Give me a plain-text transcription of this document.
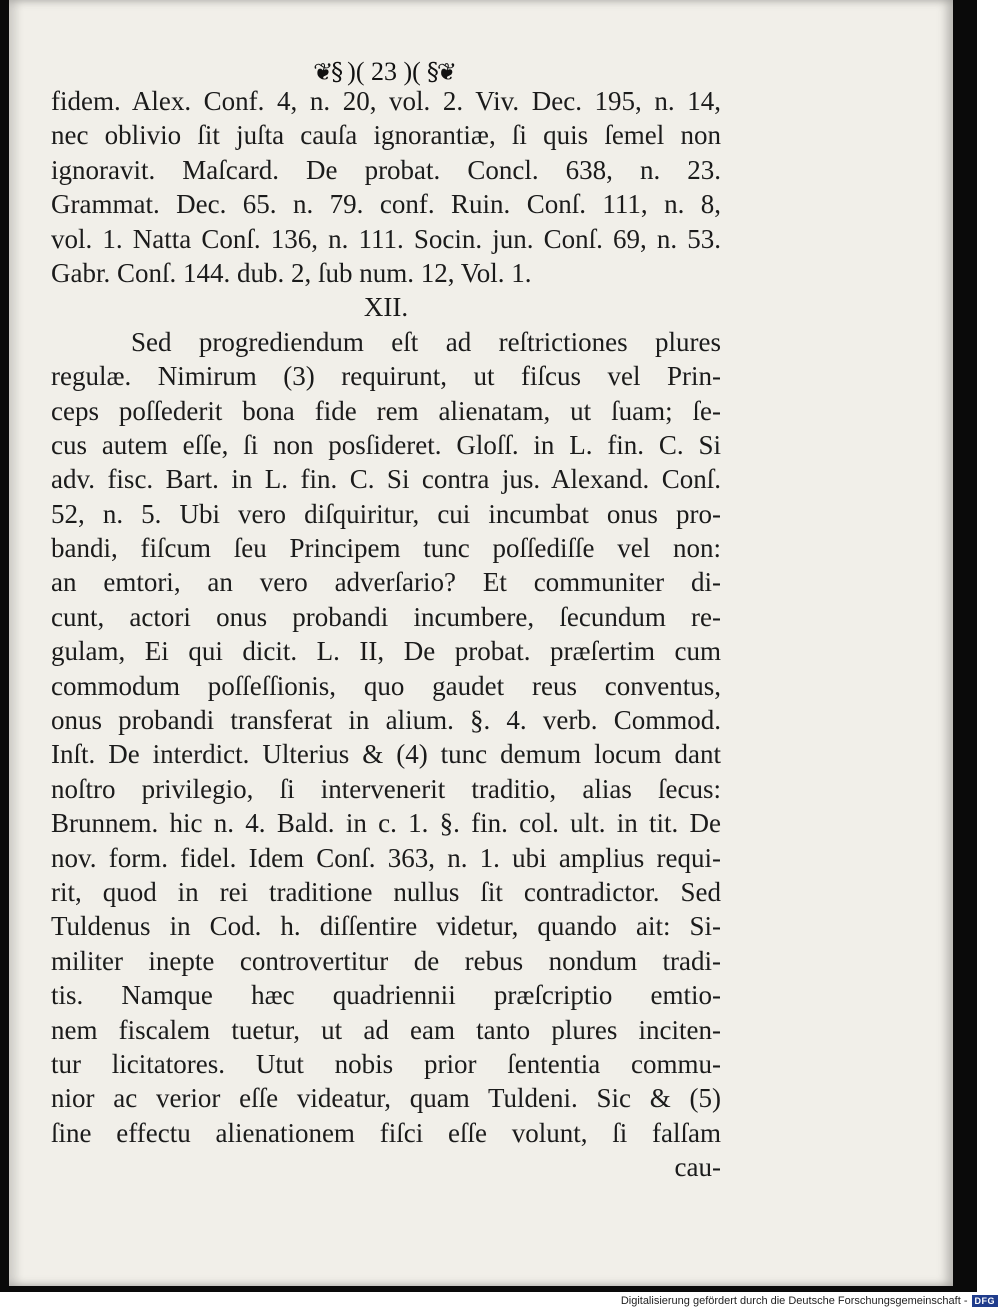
❦§ )( 23 )( §❦
fidem. Alex. Conf. 4, n. 20, vol. 2. Viv. Dec. 195, n. 14,
nec oblivio ſit juſta cauſa ignorantiæ, ſi quis ſemel non
ignoravit. Maſcard. De probat. Concl. 638, n. 23.
Grammat. Dec. 65. n. 79. conf. Ruin. Conſ. 111, n. 8,
vol. 1. Natta Conſ. 136, n. 111. Socin. jun. Conſ. 69, n. 53.
Gabr. Conſ. 144. dub. 2, ſub num. 12, Vol. 1.
XII.
Sed progrediendum eſt ad reſtrictiones plures
regulæ. Nimirum (3) requirunt, ut fiſcus vel Prin-
ceps poſſederit bona fide rem alienatam, ut ſuam; ſe-
cus autem eſſe, ſi non posſideret. Gloſſ. in L. fin. C. Si
adv. fisc. Bart. in L. fin. C. Si contra jus. Alexand. Conſ.
52, n. 5. Ubi vero diſquiritur, cui incumbat onus pro-
bandi, fiſcum ſeu Principem tunc poſſediſſe vel non:
an emtori, an vero adverſario? Et communiter di-
cunt, actori onus probandi incumbere, ſecundum re-
gulam, Ei qui dicit. L. II, De probat. præſertim cum
commodum poſſeſſionis, quo gaudet reus conventus,
onus probandi transferat in alium. §. 4. verb. Commod.
Inſt. De interdict. Ulterius & (4) tunc demum locum dant
noſtro privilegio, ſi intervenerit traditio, alias ſecus:
Brunnem. hic n. 4. Bald. in c. 1. §. fin. col. ult. in tit. De
nov. form. fidel. Idem Conſ. 363, n. 1. ubi amplius requi-
rit, quod in rei traditione nullus ſit contradictor. Sed
Tuldenus in Cod. h. diſſentire videtur, quando ait: Si-
militer inepte controvertitur de rebus nondum tradi-
tis. Namque hæc quadriennii præſcriptio emtio-
nem fiscalem tuetur, ut ad eam tanto plures inciten-
tur licitatores. Utut nobis prior ſententia commu-
nior ac verior eſſe videatur, quam Tuldeni. Sic & (5)
ſine effectu alienationem fiſci eſſe volunt, ſi falſam
cau-
Digitalisierung gefördert durch die Deutsche Forschungsgemeinschaft - DFG
